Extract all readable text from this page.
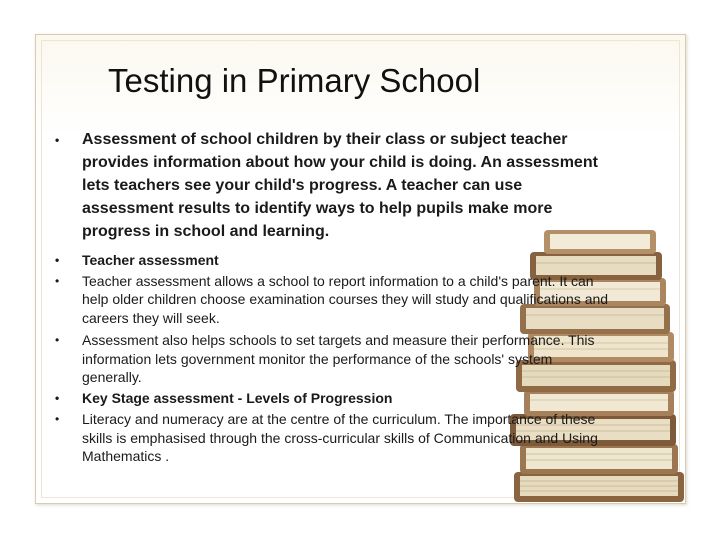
Testing in Primary School
• Assessment of school children by their class or subject teacher provides information about how your child is doing. An assessment lets teachers see your child's progress. A teacher can use assessment results to identify ways to help pupils make more progress in school and learning.
• Teacher assessment
• Teacher assessment allows a school to report information to a child's parent. It can help older children choose examination courses they will study and qualifications and careers they will seek.
• Assessment also helps schools to set targets and measure their performance. This information lets government monitor the performance of the schools' system generally.
• Key Stage assessment - Levels of Progression
• Literacy and numeracy are at the centre of the curriculum. The importance of these skills is emphasised through the cross-curricular skills of Communication and Using Mathematics .
